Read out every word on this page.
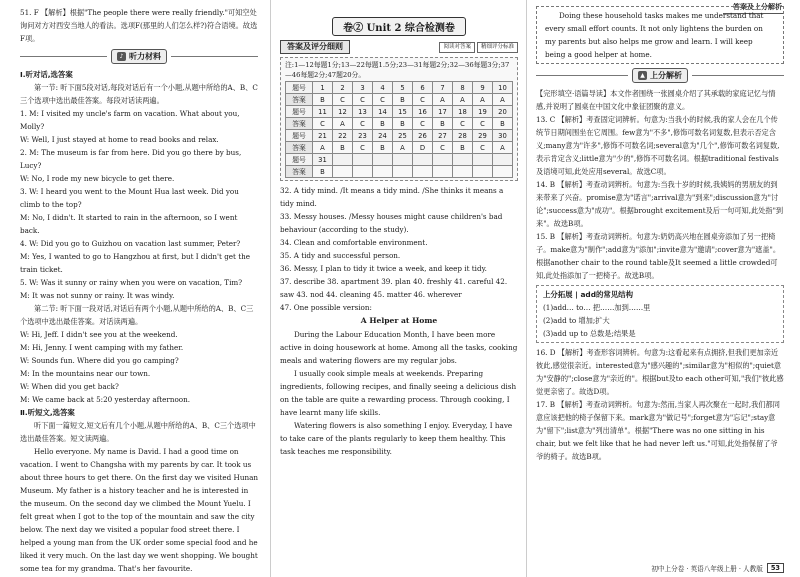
答案及上分解析

51. F 【解析】根据"The people there were really friendly."可知空处询问对方对西安当地人的看法。选项F(那里的人们怎么样?)符合语境。故选F项。

♪ 听力材料

Ⅰ.听对话,选答案

第一节: 听下面5段对话,每段对话后有一个小题,从题中所给的A、B、C三个选项中选出最佳答案。每段对话读两遍。

1. M: I visited my uncle's farm on vacation. What about you, Molly?

W: Well, I just stayed at home to read books and relax.

2. M: The museum is far from here. Did you go there by bus, Lucy?

W: No, I rode my new bicycle to get there.

3. W: I heard you went to the Mount Hua last week. Did you climb to the top?

M: No, I didn't. It started to rain in the afternoon, so I went back.

4. W: Did you go to Guizhou on vacation last summer, Peter?

M: Yes, I wanted to go to Hangzhou at first, but I didn't get the train ticket.

5. W: Was it sunny or rainy when you were on vacation, Tim?

M: It was not sunny or rainy. It was windy.

第二节: 听下面一段对话,对话后有两个小题,从题中所给的A、B、C三个选项中选出最佳答案。对话读两遍。

W: Hi, Jeff. I didn't see you at the weekend.

M: Hi, Jenny. I went camping with my father.

W: Sounds fun. Where did you go camping?

M: In the mountains near our town.

W: When did you get back?

M: We came back at 5:20 yesterday afternoon.

Ⅱ.听短文,选答案

听下面一篇短文,短文后有几个小题,从题中所给的A、B、C三个选项中选出最佳答案。短文读两遍。

Hello everyone. My name is David. I had a good time on vacation. I went to Changsha with my parents by car. It took us about three hours to get there. On the first day we visited Hunan Museum. My father is a history teacher and he is interested in the museum. On the second day we climbed the Mount Yuelu. I felt great when I got to the top of the mountain and saw the city below. The next day we visited a popular food street there. I helped a young man from the UK order some special food and he liked it very much. On the last day we went shopping. We bought some tea for my grandma. That's her favourite.

卷② Unit 2 综合检测卷
答案及评分细则	阅读对答案	精细评分标准

注:1—12每题1分;13—22每题1.5分;23—31每题2分;32—36每题3分;37—46每题2分;47题20分。

题号	1	2	3	4	5	6	7	8	9	10
答案	B	C	C	C	B	C	A	A	A	A
题号	11	12	13	14	15	16	17	18	19	20
答案	C	A	C	B	B	C	B	C	C	B
题号	21	22	23	24	25	26	27	28	29	30
答案	A	B	C	B	A	D	C	B	C	A
题号	31									
答案	B									

32. A tidy mind. /It means a tidy mind. /She thinks it means a tidy mind.

33. Messy houses. /Messy houses might cause children's bad behaviour (according to the study).

34. Clean and comfortable environment.

35. A tidy and successful person.

36. Messy, I plan to tidy it twice a week, and keep it tidy.

37. describe 38. apartment 39. plan 40. freshly 41. careful 42. saw 43. nod 44. cleaning 45. matter 46. wherever

47. One possible version:

A Helper at Home

During the Labour Education Month, I have been more active in doing housework at home. Among all the tasks, cooking meals and watering flowers are my regular jobs.

I usually cook simple meals at weekends. Preparing ingredients, following recipes, and finally seeing a delicious dish on the table are quite a rewarding process. Through cooking, I have learnt many life skills.

Watering flowers is also something I enjoy. Everyday, I have to take care of the plants regularly to keep them healthy. This task teaches me responsibility.

Doing these household tasks makes me understand that every small effort counts. It not only lightens the burden on my parents but also helps me grow and learn. I will keep being a good helper at home.

▲ 上分解析

【完形填空·语篇导读】本文作者围绕一张圆桌介绍了其承载的家庭记忆与情感,并说明了圆桌在中国文化中象征团聚的意义。

13. C 【解析】考查固定词辨析。句意为:当我小的时候,我的家人会在几个传统节日期间围坐在它周围。few意为"不多",修饰可数名词复数,但表示否定含义;many意为"许多",修饰不可数名词;several意为"几个",修饰可数名词复数,表示肯定含义;little意为"少的",修饰不可数名词。根据traditional festivals及语境可知,此处应用several。故选C项。

14. B 【解析】考查动词辨析。句意为:当我十岁的时候,我姨妈的男朋友的到来带来了兴奋。promise意为"诺言";arrival意为"到来";discussion意为"讨论";success意为"成功"。根据brought excitement及后一句可知,此处指"到来"。故选B项。

15. B 【解析】考查动词辨析。句意为:奶奶高兴地在圆桌旁添加了另一把椅子。make意为"制作";add意为"添加";invite意为"邀请";cover意为"遮盖"。根据another chair to the round table及It seemed a little crowded可知,此处指添加了一把椅子。故选B项。

上分拓展 | add的常见结构

(1)add… to… 把……加到……里

(2)add to 增加;扩大

(3)add up to 总数是;结果是

16. D 【解析】考查形容词辨析。句意为:这看起来有点拥挤,但我们更加亲近彼此,感觉很亲近。interested意为"感兴趣的";similar意为"相似的";quiet意为"安静的";close意为"亲近的"。根据but及to each other可知,"我们"彼此感觉更亲密了。故选D项。

17. B 【解析】考查动词辨析。句意为:然而,当家人再次聚在一起时,我们都同意应该把他的椅子保留下来。mark意为"做记号";forget意为"忘记";stay意为"留下";list意为"列出清单"。根据"There was no one sitting in his chair, but we felt like that he had never left us."可知,此处指保留了爷爷的椅子。故选B项。

初中上分卷 · 英语八年级上册 · 人教版	53
